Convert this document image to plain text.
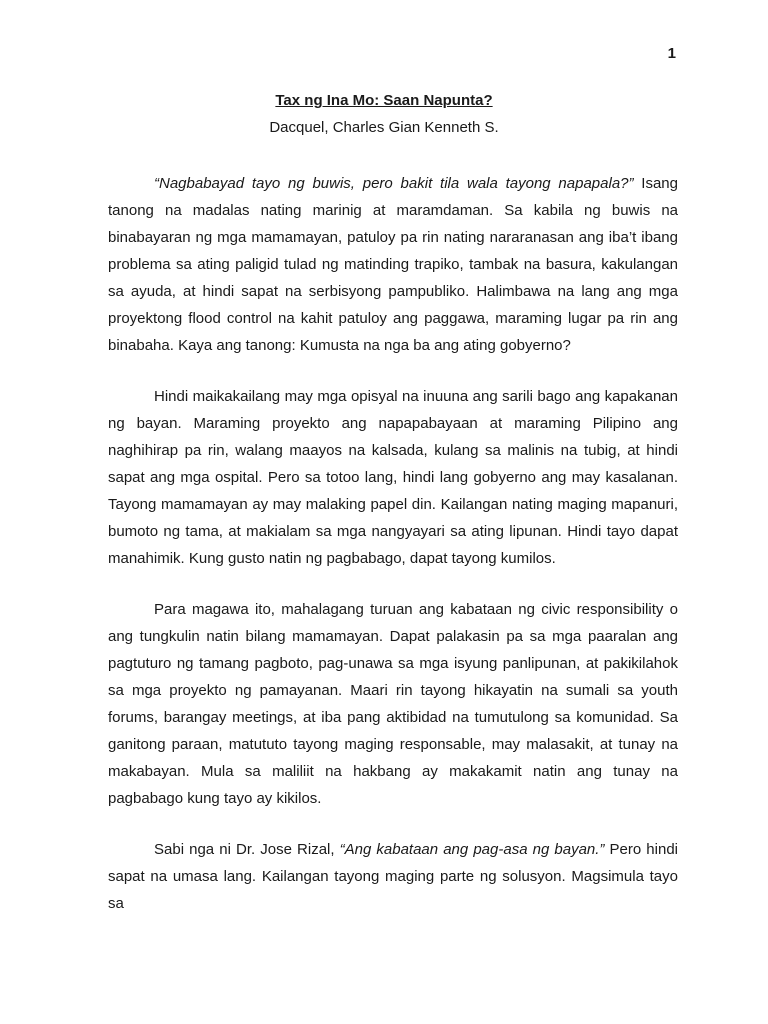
1
Tax ng Ina Mo: Saan Napunta?
Dacquel, Charles Gian Kenneth S.

“Nagbabayad tayo ng buwis, pero bakit tila wala tayong napapala?” Isang tanong na madalas nating marinig at maramdaman. Sa kabila ng buwis na binabayaran ng mga mamamayan, patuloy pa rin nating nararanasan ang iba’t ibang problema sa ating paligid tulad ng matinding trapiko, tambak na basura, kakulangan sa ayuda, at hindi sapat na serbisyong pampubliko. Halimbawa na lang ang mga proyektong flood control na kahit patuloy ang paggawa, maraming lugar pa rin ang binabaha. Kaya ang tanong: Kumusta na nga ba ang ating gobyerno?

Hindi maikakailang may mga opisyal na inuuna ang sarili bago ang kapakanan ng bayan. Maraming proyekto ang napapabayaan at maraming Pilipino ang naghihirap pa rin, walang maayos na kalsada, kulang sa malinis na tubig, at hindi sapat ang mga ospital. Pero sa totoo lang, hindi lang gobyerno ang may kasalanan. Tayong mamamayan ay may malaking papel din. Kailangan nating maging mapanuri, bumoto ng tama, at makialam sa mga nangyayari sa ating lipunan. Hindi tayo dapat manahimik. Kung gusto natin ng pagbabago, dapat tayong kumilos.

Para magawa ito, mahalagang turuan ang kabataan ng civic responsibility o ang tungkulin natin bilang mamamayan. Dapat palakasin pa sa mga paaralan ang pagtuturo ng tamang pagboto, pag-unawa sa mga isyung panlipunan, at pakikilahok sa mga proyekto ng pamayanan. Maari rin tayong hikayatin na sumali sa youth forums, barangay meetings, at iba pang aktibidad na tumutulong sa komunidad. Sa ganitong paraan, matututo tayong maging responsable, may malasakit, at tunay na makabayan. Mula sa maliliit na hakbang ay makakamit natin ang tunay na pagbabago kung tayo ay kikilos.

Sabi nga ni Dr. Jose Rizal, “Ang kabataan ang pag-asa ng bayan.” Pero hindi sapat na umasa lang. Kailangan tayong maging parte ng solusyon. Magsimula tayo sa
